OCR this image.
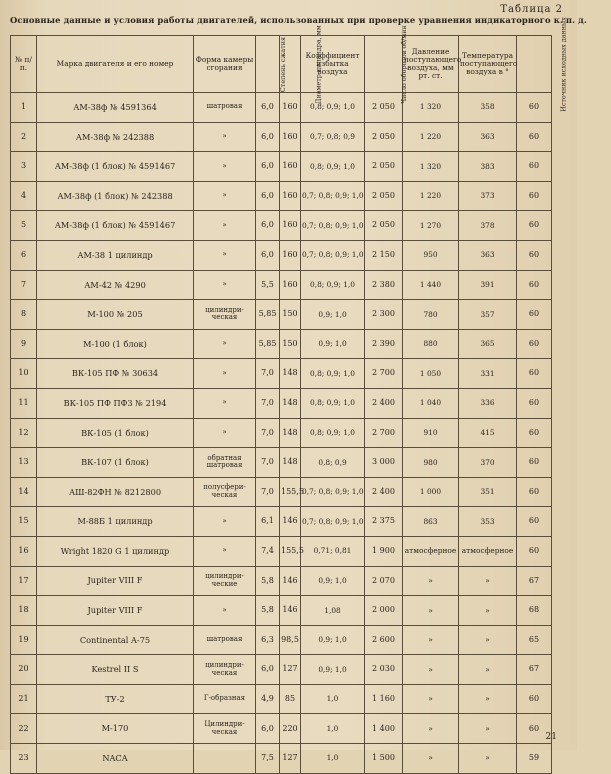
Таблица 2
Основные данные и условия работы двигателей, использованных при проверке уравнения индикаторного к. п. д.
№ п/п.	Марка двигателя и его номер	Форма камеры сгорания	Степень сжатия	Диаметр цилиндра, мм	Коэффициент избытка воздуха	Число оборотов об/мин	Давление поступающего воздуха, мм рт. ст.	Температура поступающего воздуха в °	Источник исходных данных
1	АМ-38ф № 4591364	шатровая	6,0	160	0,8; 0,9; 1,0	2 050	1 320	358	60
2	АМ-38ф № 242388	»	6,0	160	0,7; 0,8; 0,9	2 050	1 220	363	60
3	АМ-38ф (1 блок) № 4591467	»	6,0	160	0,8; 0,9; 1,0	2 050	1 320	383	60
4	АМ-38ф (1 блок) № 242388	»	6,0	160	0,7; 0,8; 0,9; 1,0	2 050	1 220	373	60
5	АМ-38ф (1 блок) № 4591467	»	6,0	160	0,7; 0,8; 0,9; 1,0	2 050	1 270	378	60
6	АМ-38 1 цилиндр	»	6,0	160	0,7; 0,8; 0,9; 1,0	2 150	950	363	60
7	АМ-42 № 4290	»	5,5	160	0,8; 0,9; 1,0	2 380	1 440	391	60
8	М-100 № 205	цилиндри-ческая	5,85	150	0,9; 1,0	2 300	780	357	60
9	М-100 (1 блок)	»	5,85	150	0,9; 1,0	2 390	880	365	60
10	ВК-105 ПФ № 30634	»	7,0	148	0,8; 0,9; 1,0	2 700	1 050	331	60
11	ВК-105 ПФ ПФ3 № 2194	»	7,0	148	0,8; 0,9; 1,0	2 400	1 040	336	60
12	ВК-105 (1 блок)	»	7,0	148	0,8; 0,9; 1,0	2 700	910	415	60
13	ВК-107 (1 блок)	обратная шатровая	7,0	148	0,8; 0,9	3 000	980	370	60
14	АШ-82ФН № 8212800	полусфери-ческая	7,0	155,5	0,7; 0,8; 0,9; 1,0	2 400	1 000	351	60
15	М-88Б 1 цилиндр	»	6,1	146	0,7; 0,8; 0,9; 1,0	2 375	863	353	60
16	Wright 1820 G 1 цилиндр	»	7,4	155,5	0,71; 0,81	1 900	атмосферное	атмосферное	60
17	Jupiter VIII F	цилиндри-ческие	5,8	146	0,9; 1,0	2 070	»	»	67
18	Jupiter VIII F	»	5,8	146	1,08	2 000	»	»	68
19	Continental A-75	шатровая	6,3	98,5	0,9; 1,0	2 600	»	»	65
20	Kestrel II S	цилиндри-ческая	6,0	127	0,9; 1,0	2 030	»	»	67
21	ТУ-2	Г-образная	4,9	85	1,0	1 160	»	»	60
22	М-170	Цилиндри-ческая	6,0	220	1,0	1 400	»	»	60
23	NACA		7,5	127	1,0	1 500	»	»	59
21
